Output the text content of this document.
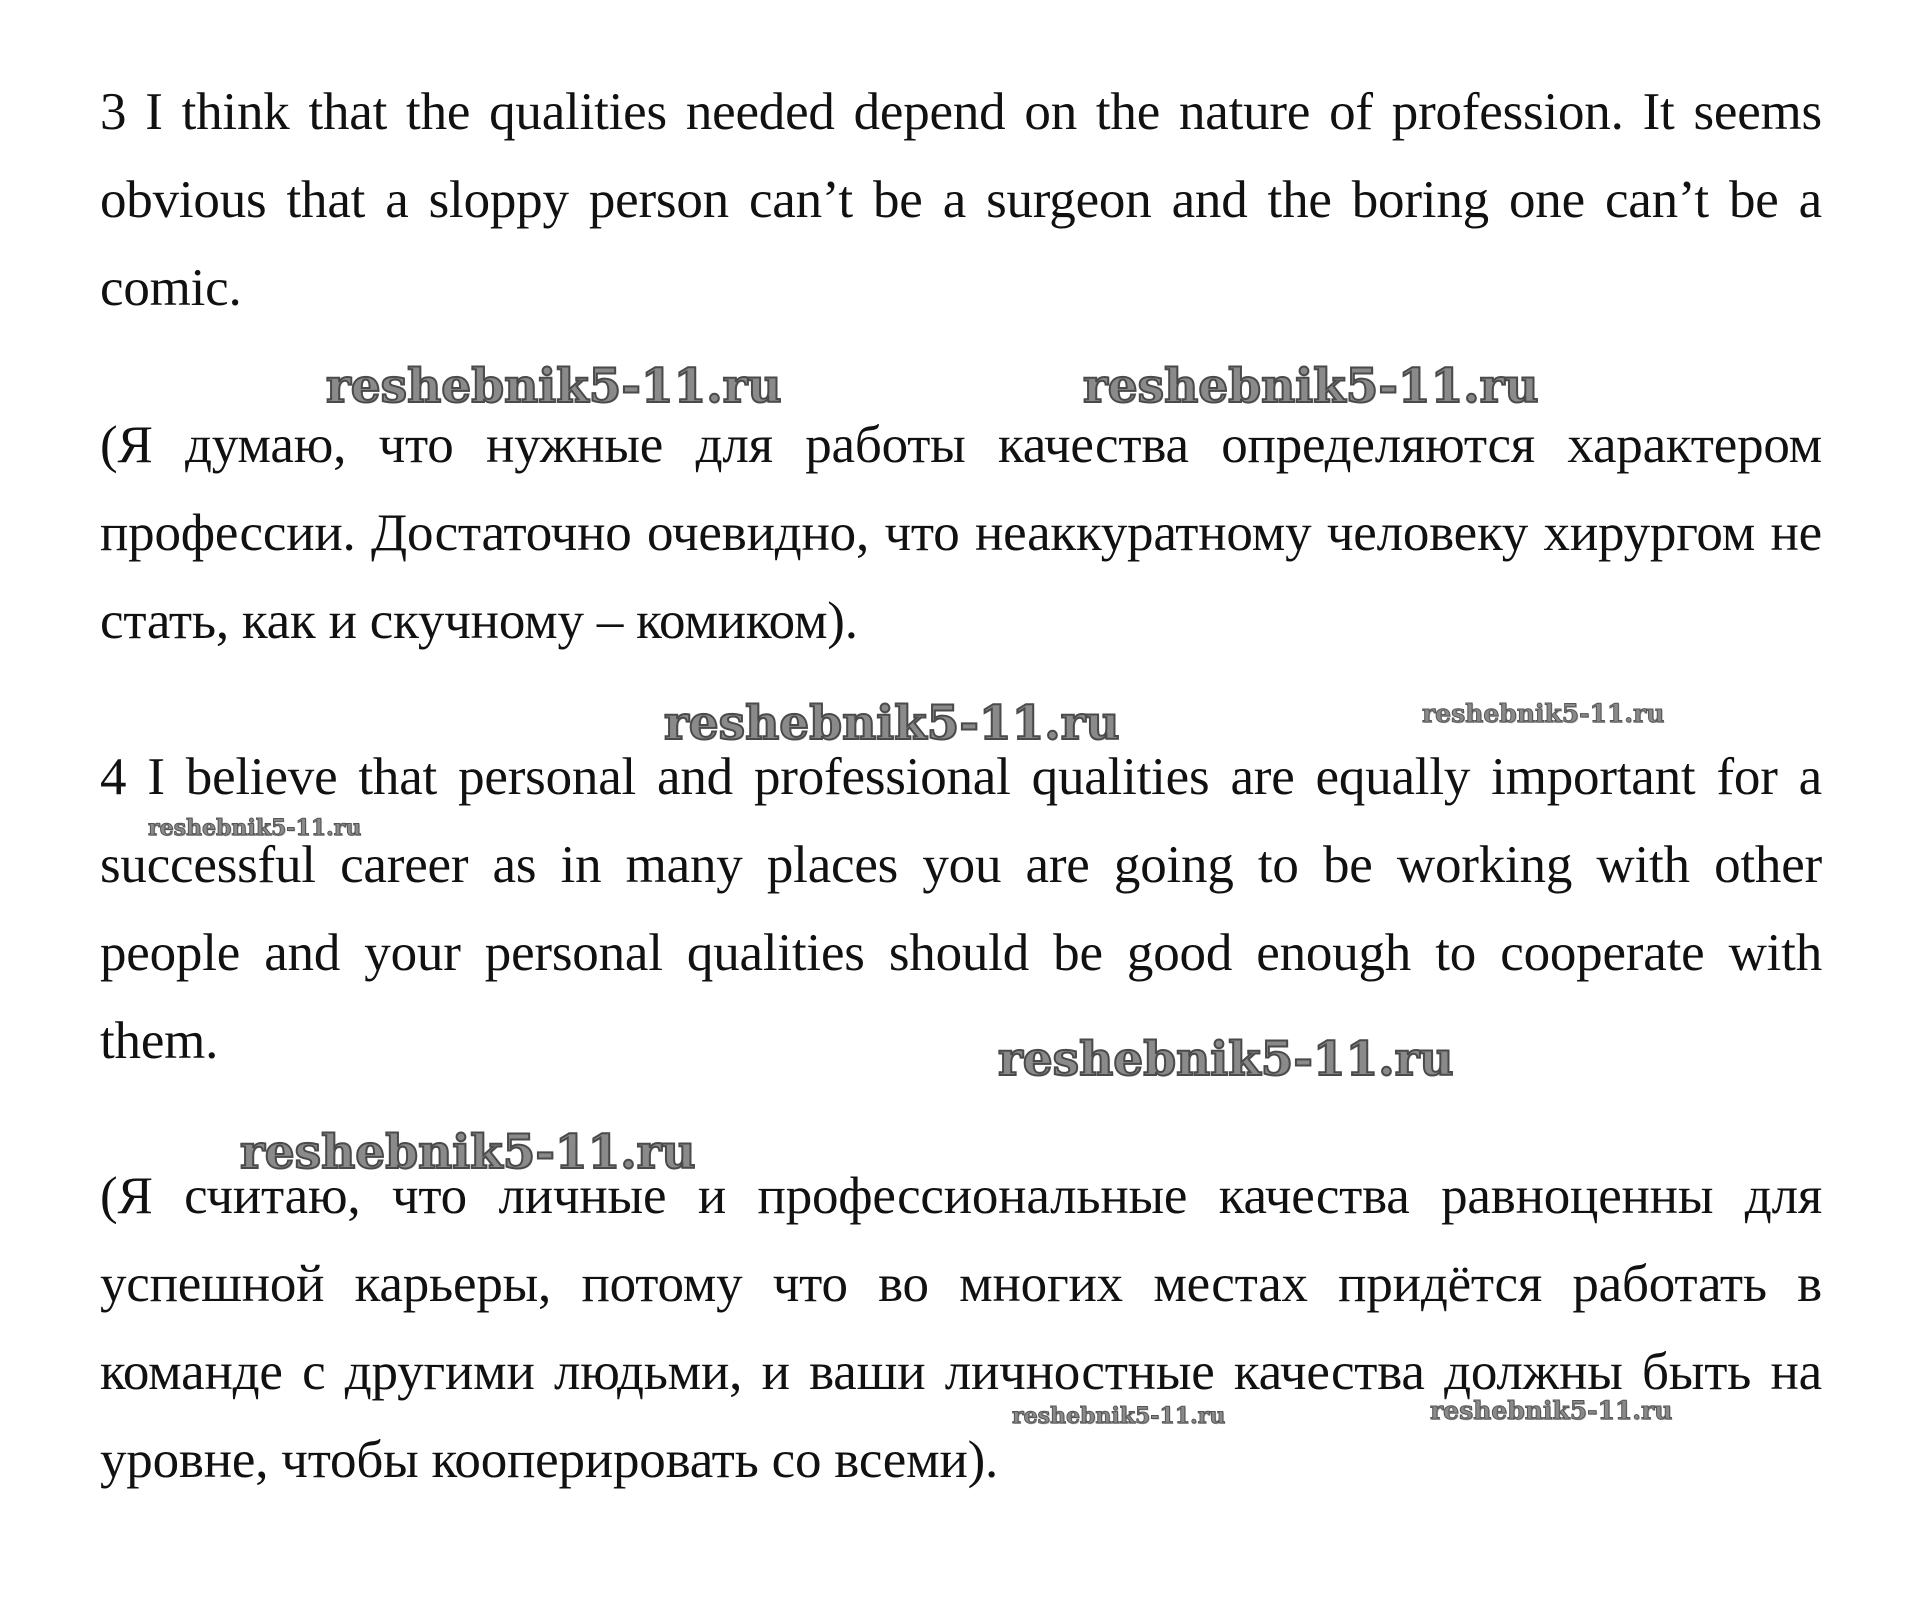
3 I think that the qualities needed depend on the nature of profession. It seems obvious that a sloppy person can’t be a surgeon and the boring one can’t be a comic.

(Я думаю, что нужные для работы качества определяются характером профессии. Достаточно очевидно, что неаккуратному человеку хирургом не стать, как и скучному – комиком).

4 I believe that personal and professional qualities are equally important for a successful career as in many places you are going to be working with other people and your personal qualities should be good enough to cooperate with them.

(Я считаю, что личные и профессиональные качества равноценны для успешной карьеры, потому что во многих местах придётся работать в команде с другими людьми, и ваши личностные качества должны быть на уровне, чтобы кооперировать со всеми).

reshebnik5-11.ru	reshebnik5-11.ru
reshebnik5-11.ru	reshebnik5-11.ru
reshebnik5-11.ru
reshebnik5-11.ru
reshebnik5-11.ru
reshebnik5-11.ru	reshebnik5-11.ru
